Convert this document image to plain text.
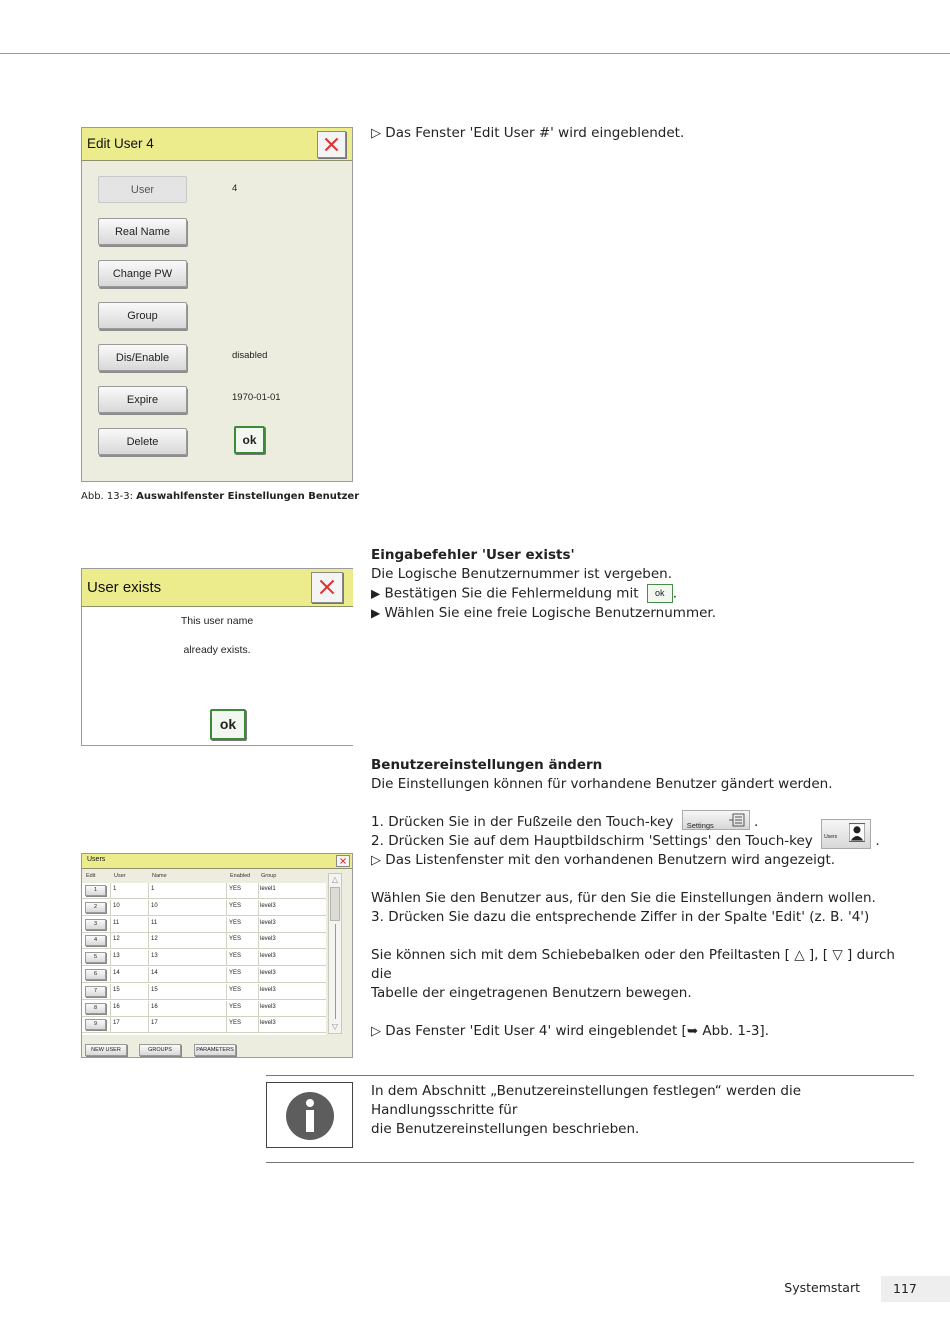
Edit User 4
User	4
Real Name
Change PW
Group
Dis/Enable	disabled
Expire	1970-01-01
Delete	ok
Abb. 13-3: Auswahlfenster Einstellungen Benutzer
▷ Das Fenster 'Edit User #' wird eingeblendet.
User exists
This user name
already exists.
ok
Eingabefehler 'User exists'
Die Logische Benutzernummer ist vergeben.
▶ Bestätigen Sie die Fehlermeldung mit ok .
▶ Wählen Sie eine freie Logische Benutzernummer.
Users
Edit	User	Name	Enabled Group
1	1	1	YES	level1
2	10	10	YES	level3
3	11	11	YES	level3
4	12	12	YES	level3
5	13	13	YES	level3
6	14	14	YES	level3
7	15	15	YES	level3
8	16	16	YES	level3
9	17	17	YES	level3
△
▽
NEW USER	GROUPS	PARAMETERS
Benutzereinstellungen ändern
Die Einstellungen können für vorhandene Benutzer gändert werden.
1. Drücken Sie in der Fußzeile den Touch-key Settings	.
2. Drücken Sie auf dem Hauptbildschirm 'Settings' den Touch-key Users	.
▷ Das Listenfenster mit den vorhandenen Benutzern wird angezeigt.
Wählen Sie den Benutzer aus, für den Sie die Einstellungen ändern wollen.
3. Drücken Sie dazu die entsprechende Ziffer in der Spalte 'Edit' (z. B. '4')
Sie können sich mit dem Schiebebalken oder den Pfeiltasten [ △ ], [ ▽ ] durch die
Tabelle der eingetragenen Benutzern bewegen.
▷ Das Fenster 'Edit User 4' wird eingeblendet [➥ Abb. 1-3].
In dem Abschnitt „Benutzereinstellungen festlegen“ werden die Handlungsschritte für
die Benutzereinstellungen beschrieben.
Systemstart	117
